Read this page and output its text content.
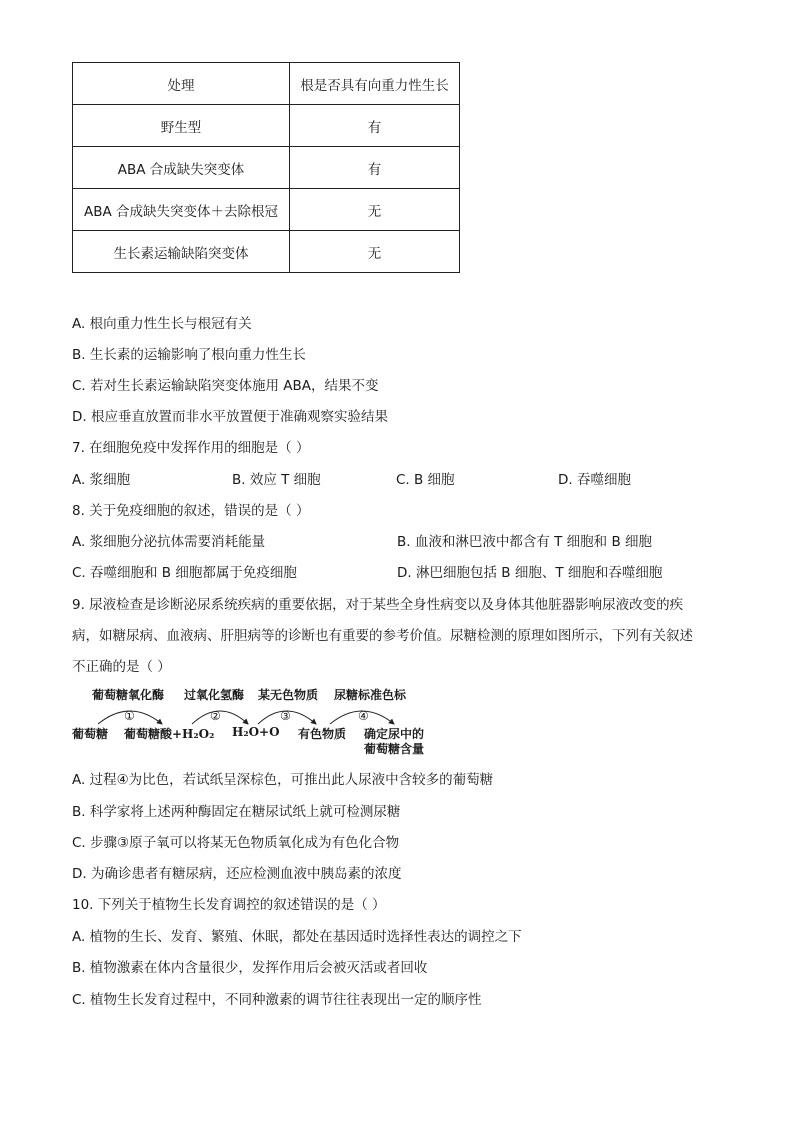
处理	根是否具有向重力性生长
野生型	有
ABA 合成缺失突变体	有
ABA 合成缺失突变体＋去除根冠	无
生长素运输缺陷突变体	无
A. 根向重力性生长与根冠有关
B. 生长素的运输影响了根向重力性生长
C. 若对生长素运输缺陷突变体施用 ABA，结果不变
D. 根应垂直放置而非水平放置便于准确观察实验结果
7. 在细胞免疫中发挥作用的细胞是（ ）
A. 浆细胞	B. 效应 T 细胞	C. B 细胞	D. 吞噬细胞
8. 关于免疫细胞的叙述，错误的是（ ）
A. 浆细胞分泌抗体需要消耗能量	B. 血液和淋巴液中都含有 T 细胞和 B 细胞
C. 吞噬细胞和 B 细胞都属于免疫细胞	D. 淋巴细胞包括 B 细胞、T 细胞和吞噬细胞
9. 尿液检查是诊断泌尿系统疾病的重要依据，对于某些全身性病变以及身体其他脏器影响尿液改变的疾
病，如糖尿病、血液病、肝胆病等的诊断也有重要的参考价值。尿糖检测的原理如图所示，下列有关叙述
不正确的是（ ）
葡萄糖氧化酶 过氧化氢酶 某无色物质 尿糖标准色标
①	②	③	④
葡萄糖 葡萄糖酸+H₂O₂ H₂O+O 有色物质 确定尿中的
葡萄糖含量
A. 过程④为比色，若试纸呈深棕色，可推出此人尿液中含较多的葡萄糖
B. 科学家将上述两种酶固定在糖尿试纸上就可检测尿糖
C. 步骤③原子氧可以将某无色物质氧化成为有色化合物
D. 为确诊患者有糖尿病，还应检测血液中胰岛素的浓度
10. 下列关于植物生长发育调控的叙述错误的是（ ）
A. 植物的生长、发育、繁殖、休眠，都处在基因适时选择性表达的调控之下
B. 植物激素在体内含量很少，发挥作用后会被灭活或者回收
C. 植物生长发育过程中，不同种激素的调节往往表现出一定的顺序性
